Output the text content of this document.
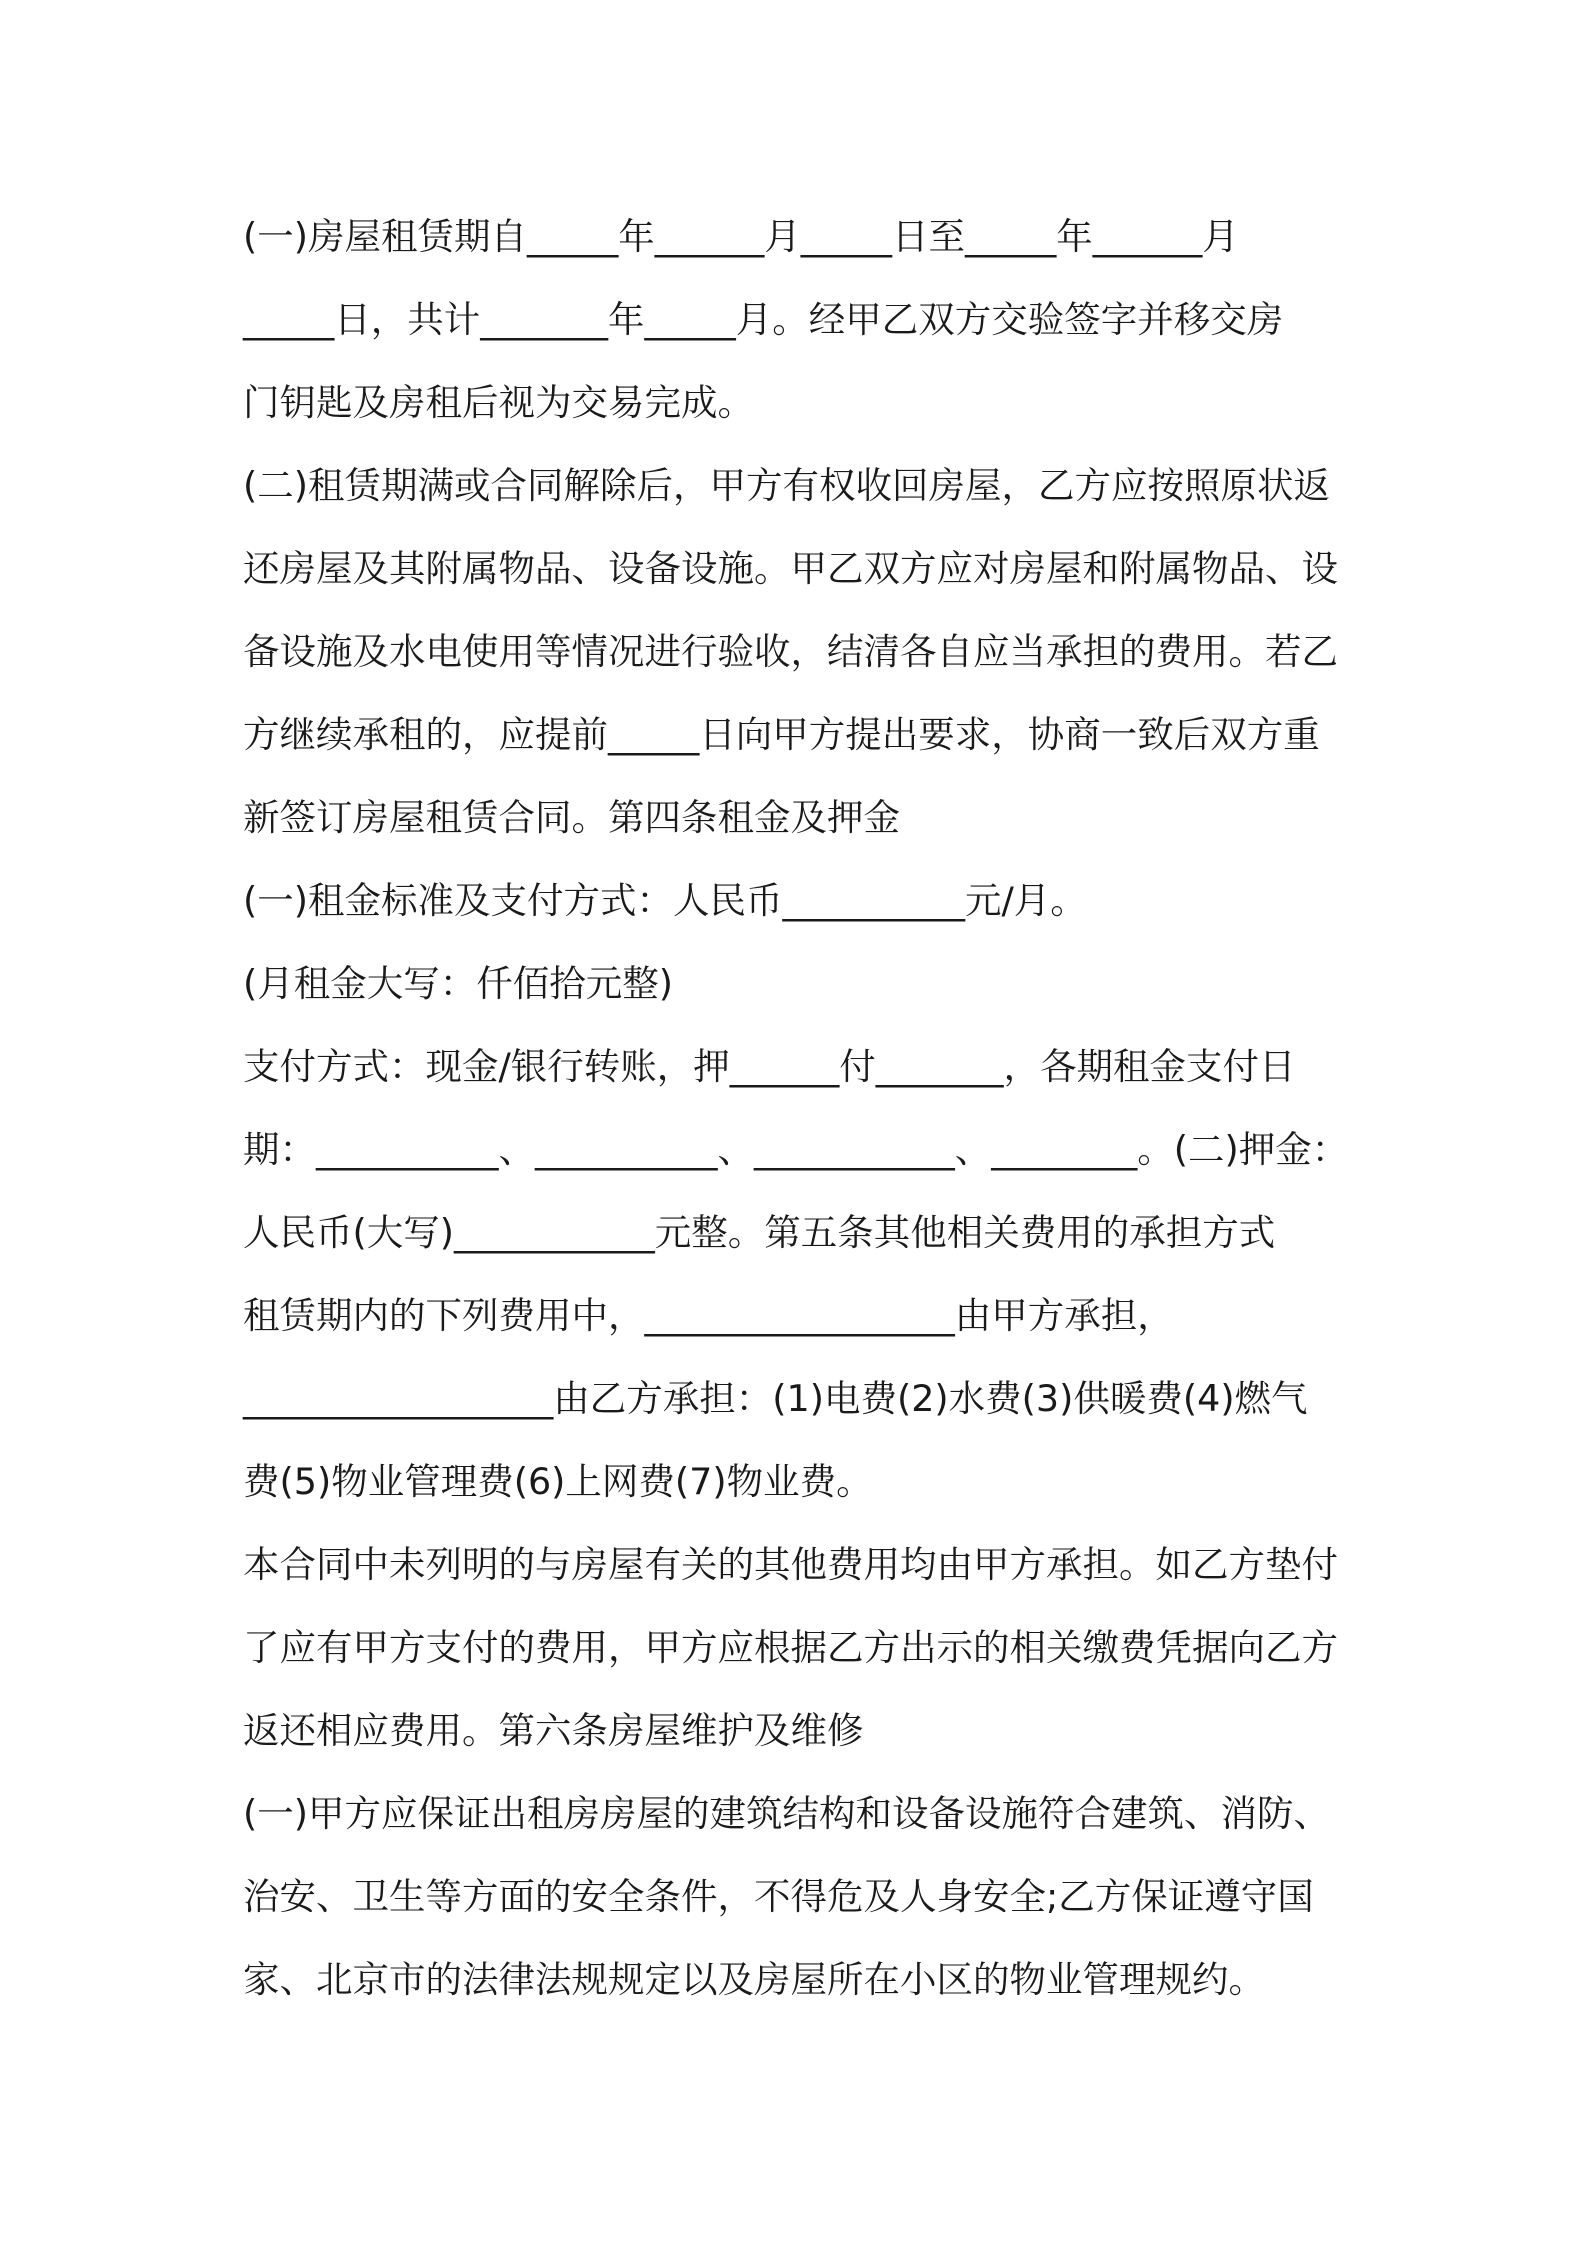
(一)房屋租赁期自_____年______月_____日至_____年______月
_____日，共计_______年_____月。经甲乙双方交验签字并移交房
门钥匙及房租后视为交易完成。
(二)租赁期满或合同解除后，甲方有权收回房屋，乙方应按照原状返
还房屋及其附属物品、设备设施。甲乙双方应对房屋和附属物品、设
备设施及水电使用等情况进行验收，结清各自应当承担的费用。若乙
方继续承租的，应提前_____日向甲方提出要求，协商一致后双方重
新签订房屋租赁合同。第四条租金及押金
(一)租金标准及支付方式：人民币__________元/月。
(月租金大写：仟佰拾元整)
支付方式：现金/银行转账，押______付_______，各期租金支付日
期：__________、__________、___________、________。(二)押金：
人民币(大写)___________元整。第五条其他相关费用的承担方式
租赁期内的下列费用中，_________________由甲方承担，
_________________由乙方承担：(1)电费(2)水费(3)供暖费(4)燃气
费(5)物业管理费(6)上网费(7)物业费。
本合同中未列明的与房屋有关的其他费用均由甲方承担。如乙方垫付
了应有甲方支付的费用，甲方应根据乙方出示的相关缴费凭据向乙方
返还相应费用。第六条房屋维护及维修
(一)甲方应保证出租房房屋的建筑结构和设备设施符合建筑、消防、
治安、卫生等方面的安全条件，不得危及人身安全;乙方保证遵守国
家、北京市的法律法规规定以及房屋所在小区的物业管理规约。
